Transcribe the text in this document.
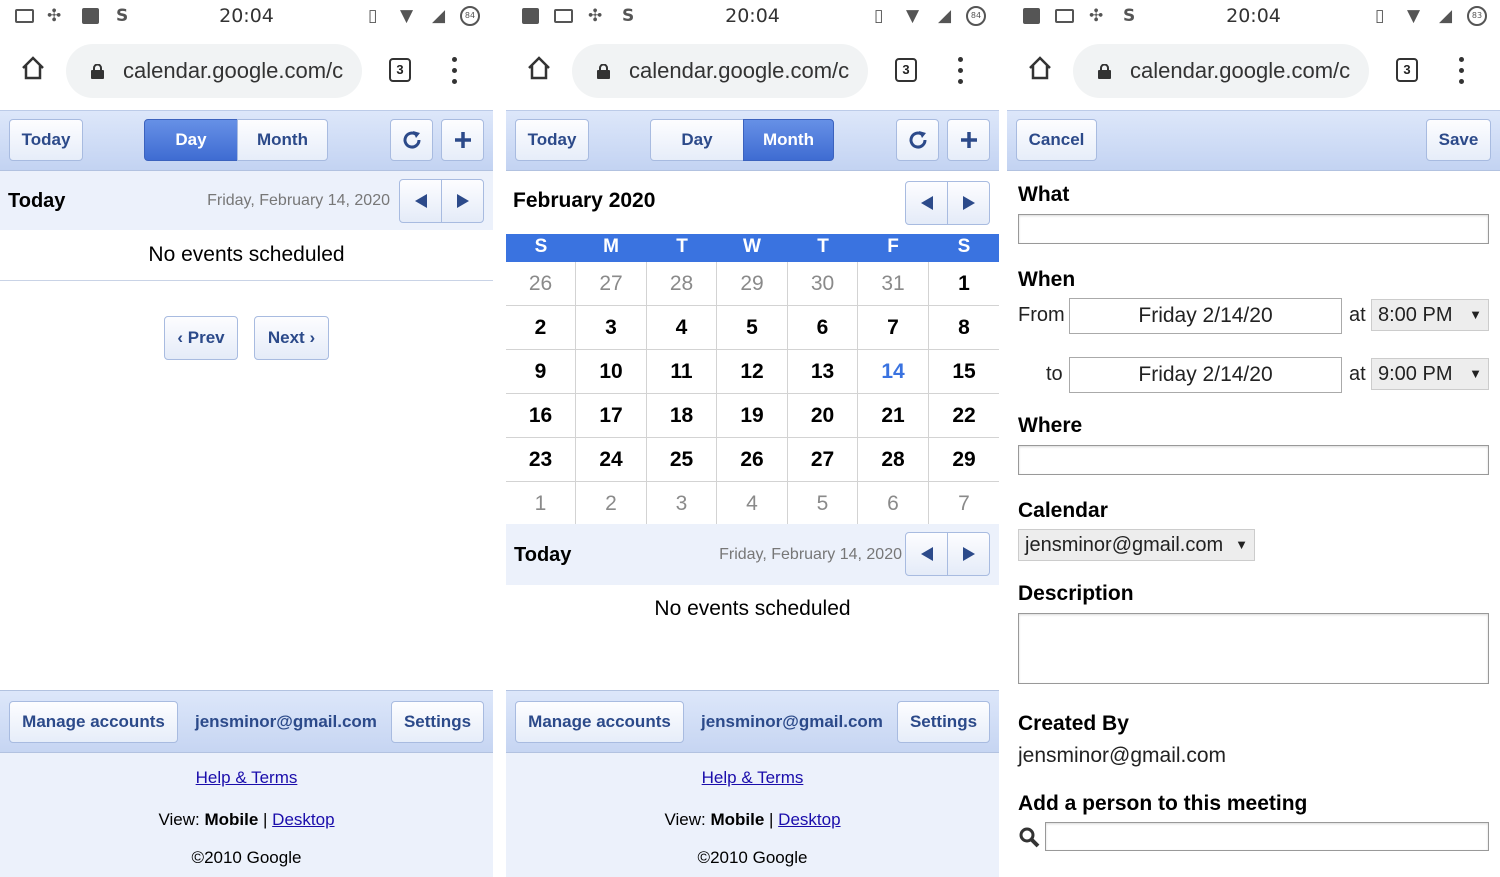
✣	S	20:04	▯ ▼ ◢	84
calendar.google.com/c	3
Today	Day	Month
Today	Friday, February 14, 2020
No events scheduled
‹ Prev	Next ›
Manage accounts	jensminor@gmail.com	Settings
Help & Terms
View: Mobile | Desktop
©2010 Google
✣ S	20:04	▯ ▼ ◢	84
calendar.google.com/c	3
Today	Day	Month
February 2020
S	M	T	W	T	F	S
26	27	28	29	30	31	1
2	3	4	5	6	7	8
9	10	11	12	13	14	15
16	17	18	19	20	21	22
23	24	25	26	27	28	29
1	2	3	4	5	6	7
Today	Friday, February 14, 2020
No events scheduled
Manage accounts	jensminor@gmail.com	Settings
Help & Terms
View: Mobile | Desktop
©2010 Google
✣ S	20:04	▯ ▼ ◢	83
calendar.google.com/c	3
Cancel	Save
What
When
From	Friday 2/14/20	at 8:00 PM ▼
to	Friday 2/14/20	at 9:00 PM ▼
Where
Calendar
jensminor@gmail.com ▼
Description
Created By
jensminor@gmail.com
Add a person to this meeting
